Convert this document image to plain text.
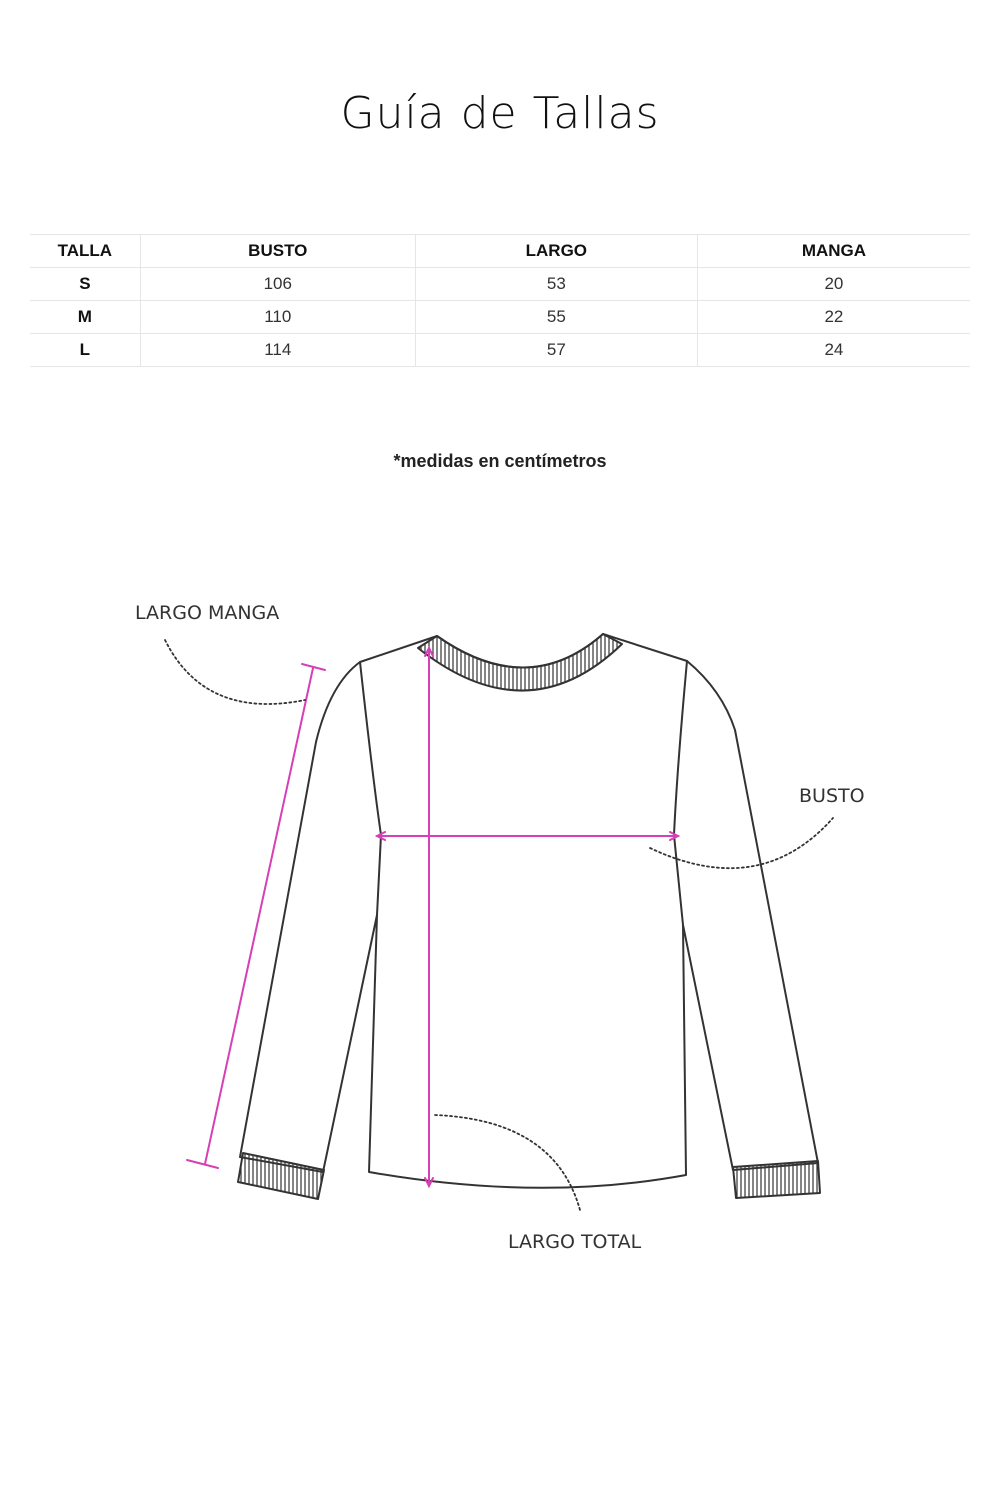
Guía de Tallas
TALLA	BUSTO	LARGO	MANGA
S	106	53	20
M	110	55	22
L	114	57	24
*medidas en centímetros
LARGO MANGA
BUSTO
LARGO TOTAL
